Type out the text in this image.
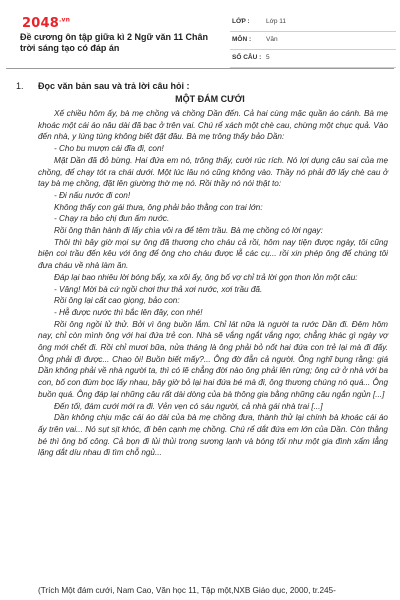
$2048^{.vn}$
Đề cương ôn tập giữa kì 2 Ngữ văn 11 Chân trời sáng tạo có đáp án
LỚP :	Lớp 11
MÔN : Văn
SỐ CÂU : 5
1. Đọc văn bản sau và trả lời câu hỏi :
MỘT ĐÁM CƯỚI

Xế chiều hôm ấy, bà mẹ chồng và chồng Dần đến. Cả hai cùng mặc quần áo cánh. Bà mẹ khoác một cái áo nâu dài đã bạc ở trên vai. Chú rể xách một chè cau, chừng một chục quả. Vào đến nhà, y lúng túng không biết đặt đâu. Bà mẹ trông thấy bảo Dần:

- Cho bu mượn cái đĩa đi, con!

Mặt Dần đã đỏ bừng. Hai đứa em nó, trông thấy, cười rúc rích. Nó lợi dụng câu sai của mẹ chồng, để chạy tót ra chái dưới. Một lúc lâu nó cũng không vào. Thầy nó phải đỡ lấy chè cau ở tay bà mẹ chồng, đặt lên giường thờ mẹ nó. Rồi thầy nó nói thật to:

- Đi nấu nước đi con!

Không thấy con gái thưa, ông phải bảo thằng con trai lớn:

- Chạy ra bảo chị đun ấm nước.

Rồi ông thân hành đi lấy chìa vôi ra để têm trầu. Bà mẹ chồng có lời ngay:

Thôi thì bây giờ mọi sự ông đã thương cho cháu cả rồi, hôm nay tiện được ngày, tôi cũng biện coi trầu đến kêu với ông để ông cho cháu được lễ các cụ... rồi xin phép ông để chúng tôi đưa cháu về nhà làm ăn.

Đáp lại bao nhiêu lời bóng bẩy, xa xôi ấy, ông bố vợ chỉ trả lời gọn thon lỏn một câu:

- Vâng! Mời bà cứ ngồi chơi thư thả xơi nước, xơi trầu đã.

Rồi ông lại cất cao giọng, bảo con:

- Hễ được nước thì bắc lên đây, con nhé!

Rồi ông ngồi lử thử. Bởi vì ông buồn lắm. Chỉ lát nữa là người ta rước Dần đi. Đêm hôm nay, chỉ còn mình ông với hai đứa trẻ con. Nhà sẽ vắng ngắt vắng ngơ, chẳng khác gì ngày vợ ông mới chết đi. Rồi chỉ mươi bữa, nửa tháng là ông phải bỏ nốt hai đứa con trẻ lại mà đi đấy. Ông phải đi được... Chao ôi! Buồn biết mấy?... Ông đờ đẫn cả người. Ông nghĩ bụng rằng: giá Dần không phải về nhà người ta, thì có lẽ chẳng đời nào ông phải lên rừng; ông cứ ở nhà với ba con, bố con đùm bọc lấy nhau, bây giờ bỏ lại hai đứa bé mà đi, ông thương chúng nó quá... Ông buồn quá. Ông đáp lại những câu rất dài dòng của bà thông gia bằng những câu ngắn ngủn [...]

Đến tối, đám cưới mới ra đi. Vẻn vẹn có sáu người, cả nhà gái nhà trai [...]

Dần không chịu mặc cái áo dài của bà mẹ chồng đưa, thành thử lại chính bà khoác cái áo ấy trên vai... Nó sụt sịt khóc, đi bên cạnh mẹ chồng. Chú rể dắt đứa em lớn của Dần. Còn thằng bé thì ông bố công. Cả bọn đi lủi thủi trong sương lạnh và bóng tối như một gia đình xẩm lẳng lặng dắt díu nhau đi tìm chỗ ngủ...

(Trích Một đám cưới, Nam Cao, Văn học 11, Tập một,NXB Giáo dục, 2000, tr.245-
